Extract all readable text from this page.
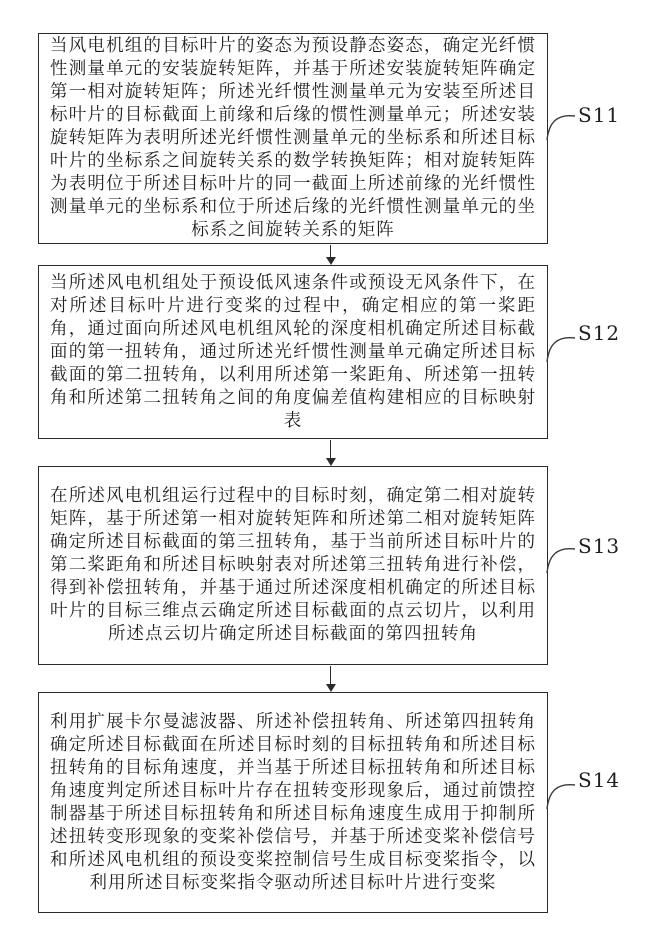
当风电机组的目标叶片的姿态为预设静态姿态，确定光纤惯性测量单元的安装旋转矩阵，并基于所述安装旋转矩阵确定第一相对旋转矩阵；所述光纤惯性测量单元为安装至所述目标叶片的目标截面上前缘和后缘的惯性测量单元；所述安装旋转矩阵为表明所述光纤惯性测量单元的坐标系和所述目标叶片的坐标系之间旋转关系的数学转换矩阵；相对旋转矩阵为表明位于所述目标叶片的同一截面上所述前缘的光纤惯性测量单元的坐标系和位于所述后缘的光纤惯性测量单元的坐标系之间旋转关系的矩阵

当所述风电机组处于预设低风速条件或预设无风条件下，在对所述目标叶片进行变桨的过程中，确定相应的第一桨距角，通过面向所述风电机组风轮的深度相机确定所述目标截面的第一扭转角，通过所述光纤惯性测量单元确定所述目标截面的第二扭转角，以利用所述第一桨距角、所述第一扭转角和所述第二扭转角之间的角度偏差值构建相应的目标映射表

在所述风电机组运行过程中的目标时刻，确定第二相对旋转矩阵，基于所述第一相对旋转矩阵和所述第二相对旋转矩阵确定所述目标截面的第三扭转角，基于当前所述目标叶片的第二桨距角和所述目标映射表对所述第三扭转角进行补偿，得到补偿扭转角，并基于通过所述深度相机确定的所述目标叶片的目标三维点云确定所述目标截面的点云切片，以利用所述点云切片确定所述目标截面的第四扭转角

利用扩展卡尔曼滤波器、所述补偿扭转角、所述第四扭转角确定所述目标截面在所述目标时刻的目标扭转角和所述目标扭转角的目标角速度，并当基于所述目标扭转角和所述目标角速度判定所述目标叶片存在扭转变形现象后，通过前馈控制器基于所述目标扭转角和所述目标角速度生成用于抑制所述扭转变形现象的变桨补偿信号，并基于所述变桨补偿信号和所述风电机组的预设变桨控制信号生成目标变桨指令，以利用所述目标变桨指令驱动所述目标叶片进行变桨

S11
S12
S13
S14
